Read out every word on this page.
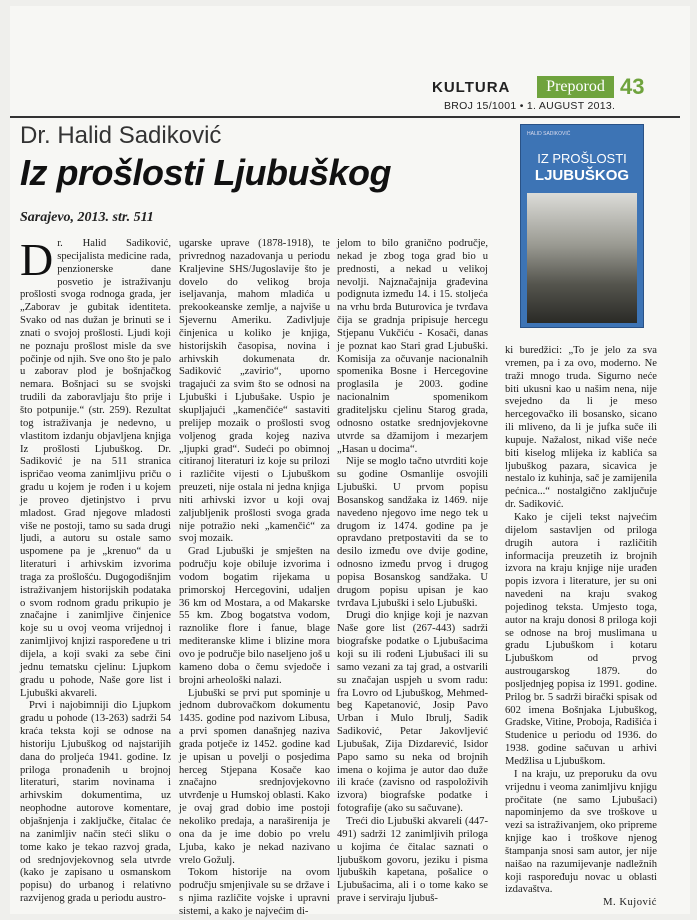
KULTURA	Preporod 43
BROJ 15/1001 • 1. AUGUST 2013.
Dr. Halid Sadiković
Iz prošlosti Ljubuškog
Sarajevo, 2013. str. 511
HALID SADIKOVIĆ
IZ PROŠLOSTI
LJUBUŠKOG

Dr. Halid Sadiković, specijalista medicine rada, penzionerske dane posvetio je istraživanju prošlosti svoga rodnoga grada, jer „Zaborav je gubitak identiteta. Svako od nas dužan je brinuti se i znati o svojoj prošlosti. Ljudi koji ne poznaju prošlost misle da sve počinje od njih. Sve ono što je palo u zaborav plod je bošnjačkog nemara. Bošnjaci su se svojski trudili da zaboravljaju što prije i što potpunije.“ (str. 259). Rezultat tog istraživanja je nedevno, u vlastitom izdanju objavljena knjiga Iz prošlosti Ljubuškog. Dr. Sadiković je na 511 stranica ispričao veoma zanimljivu priču o gradu u kojem je rođen i u kojem je proveo djetinjstvo i prvu mladost. Grad njegove mladosti više ne postoji, tamo su sada drugi ljudi, a autoru su ostale samo uspomene pa je „krenuo“ da u literaturi i arhivskim izvorima traga za prošlošću. Dugogodišnjim istraživanjem historijskih podataka o svom rodnom gradu prikupio je značajne i zanimljive činjenice koje su u ovoj veoma vrijednoj i zanimljivoj knjizi raspoređene u tri dijela, a koji svaki za sebe čini jednu tematsku cjelinu: Ljupkom gradu u pohode, Naše gore list i Ljubuški akvareli.

Prvi i najobimniji dio Ljupkom gradu u pohode (13-263) sadrži 54 kraća teksta koji se odnose na historiju Ljubuškog od najstarijih dana do proljeća 1941. godine. Iz priloga pronađenih u brojnoj literaturi, starim novinama i arhivskim dokumentima, uz neophodne autorove komentare, objašnjenja i zaključke, čitalac će na zanimljiv način steći sliku o tome kako je tekao razvoj grada, od srednjovjekovnog sela utvrde (kako je zapisano u osmanskom popisu) do urbanog i relativno razvijenog grada u periodu austro-

ugarske uprave (1878-1918), te privrednog nazadovanja u periodu Kraljevine SHS/Jugoslavije što je dovelo do velikog broja iseljavanja, mahom mladića u prekookeanske zemlje, a najviše u Sjevernu Ameriku. Zadivljuje činjenica u koliko je knjiga, historijskih časopisa, novina i arhivskih dokumenata dr. Sadiković „zavirio“, uporno tragajući za svim što se odnosi na Ljubuški i Ljubušake. Uspio je skupljajući „kamenčiće“ sastaviti prelijep mozaik o prošlosti svog voljenog grada kojeg naziva „ljupki grad“. Sudeći po obimnoj citiranoj literaturi iz koje su prilozi i različite vijesti o Ljubuškom preuzeti, nije ostala ni jedna knjiga niti arhivski izvor u koji ovaj zaljubljenik prošlosti svoga grada nije potražio neki „kamenčić“ za svoj mozaik.

Grad Ljubuški je smješten na području koje obiluje izvorima i vodom bogatim rijekama u primorskoj Hercegovini, udaljen 36 km od Mostara, a od Makarske 55 km. Zbog bogatstva vodom, raznolike flore i fanue, blage mediteranske klime i blizine mora ovo je područje bilo naseljeno još u kameno doba o čemu svjedoče i brojni arheološki nalazi.

Ljubuški se prvi put spominje u jednom dubrovačkom dokumentu 1435. godine pod nazivom Libusa, a prvi spomen današnjeg naziva grada potječe iz 1452. godine kad je upisan u povelji o posjedima herceg Stjepana Kosače kao značajno srednjovjekovno utvrđenje u Humskoj oblasti. Kako je ovaj grad dobio ime postoji nekoliko predaja, a naraširenija je ona da je ime dobio po vrelu Ljuba, kako je nekad nazivano vrelo Gožulj.

Tokom historije na ovom području smjenjivale su se države i s njima različite vojske i upravni sistemi, a kako je najvećim di-

jelom to bilo granično područje, nekad je zbog toga grad bio u prednosti, a nekad u velikoj nevolji. Najznačajnija građevina podignuta između 14. i 15. stoljeća na vrhu brda Buturovica je tvrđava čija se gradnja pripisuje hercegu Stjepanu Vukčiću - Kosači, danas je poznat kao Stari grad Ljubuški. Komisija za očuvanje nacionalnih spomenika Bosne i Hercegovine proglasila je 2003. godine nacionalnim spomenikom graditeljsku cjelinu Starog grada, odnosno ostatke srednjovjekovne utvrde sa džamijom i mezarjem „Hasan u docima“.

Nije se moglo tačno utvrditi koje su godine Osmanlije osvojili Ljubuški. U prvom popisu Bosanskog sandžaka iz 1469. nije navedeno njegovo ime nego tek u drugom iz 1474. godine pa je opravdano pretpostaviti da se to desilo između ove dvije godine, odnosno između prvog i drugog popisa Bosanskog sandžaka. U drugom popisu upisan je kao tvrđava Ljubuški i selo Ljubuški.

Drugi dio knjige koji je nazvan Naše gore list (267-443) sadrži biografske podatke o Ljubušacima koji su ili rođeni Ljubušaci ili su samo vezani za taj grad, a ostvarili su značajan uspjeh u svom radu: fra Lovro od Ljubuškog, Mehmed- beg Kapetanović, Josip Pavo Urban i Mulo Ibrulj, Sadik Sadiković, Petar Jakovljević Ljubušak, Zija Dizdarević, Isidor Papo samo su neka od brojnih imena o kojima je autor dao duže ili kraće (zavisno od raspoloživih izvora) biografske podatke i fotografije (ako su sačuvane).

Treći dio Ljubuški akvareli (447- 491) sadrži 12 zanimljivih priloga u kojima će čitalac saznati o ljubuškom govoru, jeziku i pisma ljubuških kapetana, pošalice o Ljubušacima, ali i o tome kako se prave i serviraju ljubuš-

ki buredžici: „To je jelo za sva vremen, pa i za ovo, moderno. Ne traži mnogo truda. Sigurno neće biti ukusni kao u našim nena, nije svejedno da li je meso hercegovačko ili bosansko, sicano ili mliveno, da li je jufka suče ili kupuje. Nažalost, nikad više neće biti kiselog mlijeka iz kablića sa ljubuškog pazara, sicavica je nestalo iz kuhinja, sač je zamijenila pećnica...“ nostalgično zaključuje dr. Sadiković.

Kako je cijeli tekst najvećim dijelom sastavljen od priloga drugih autora i različitih informacija preuzetih iz brojnih izvora na kraju knjige nije urađen popis izvora i literature, jer su oni navedeni na kraju svakog pojedinog teksta. Umjesto toga, autor na kraju donosi 8 priloga koji se odnose na broj muslimana u gradu Ljubuškom i kotaru Ljubuškom od prvog austrougarskog 1879. do posljednjeg popisa iz 1991. godine. Prilog br. 5 sadrži birački spisak od 602 imena Bošnjaka Ljubuškog, Gradske, Vitine, Proboja, Radišića i Studenice u periodu od 1936. do 1938. godine sačuvan u arhivi Medžlisa u Ljubuškom.

I na kraju, uz preporuku da ovu vrijednu i veoma zanimljivu knjigu pročitate (ne samo Ljubušaci) napominjemo da sve troškove u vezi sa istraživanjem, oko pripreme knjige kao i troškove njenog štampanja snosi sam autor, jer nije naišao na razumijevanje nadležnih koji raspoređuju novac u oblasti izdavaštva.

M. Kujović
